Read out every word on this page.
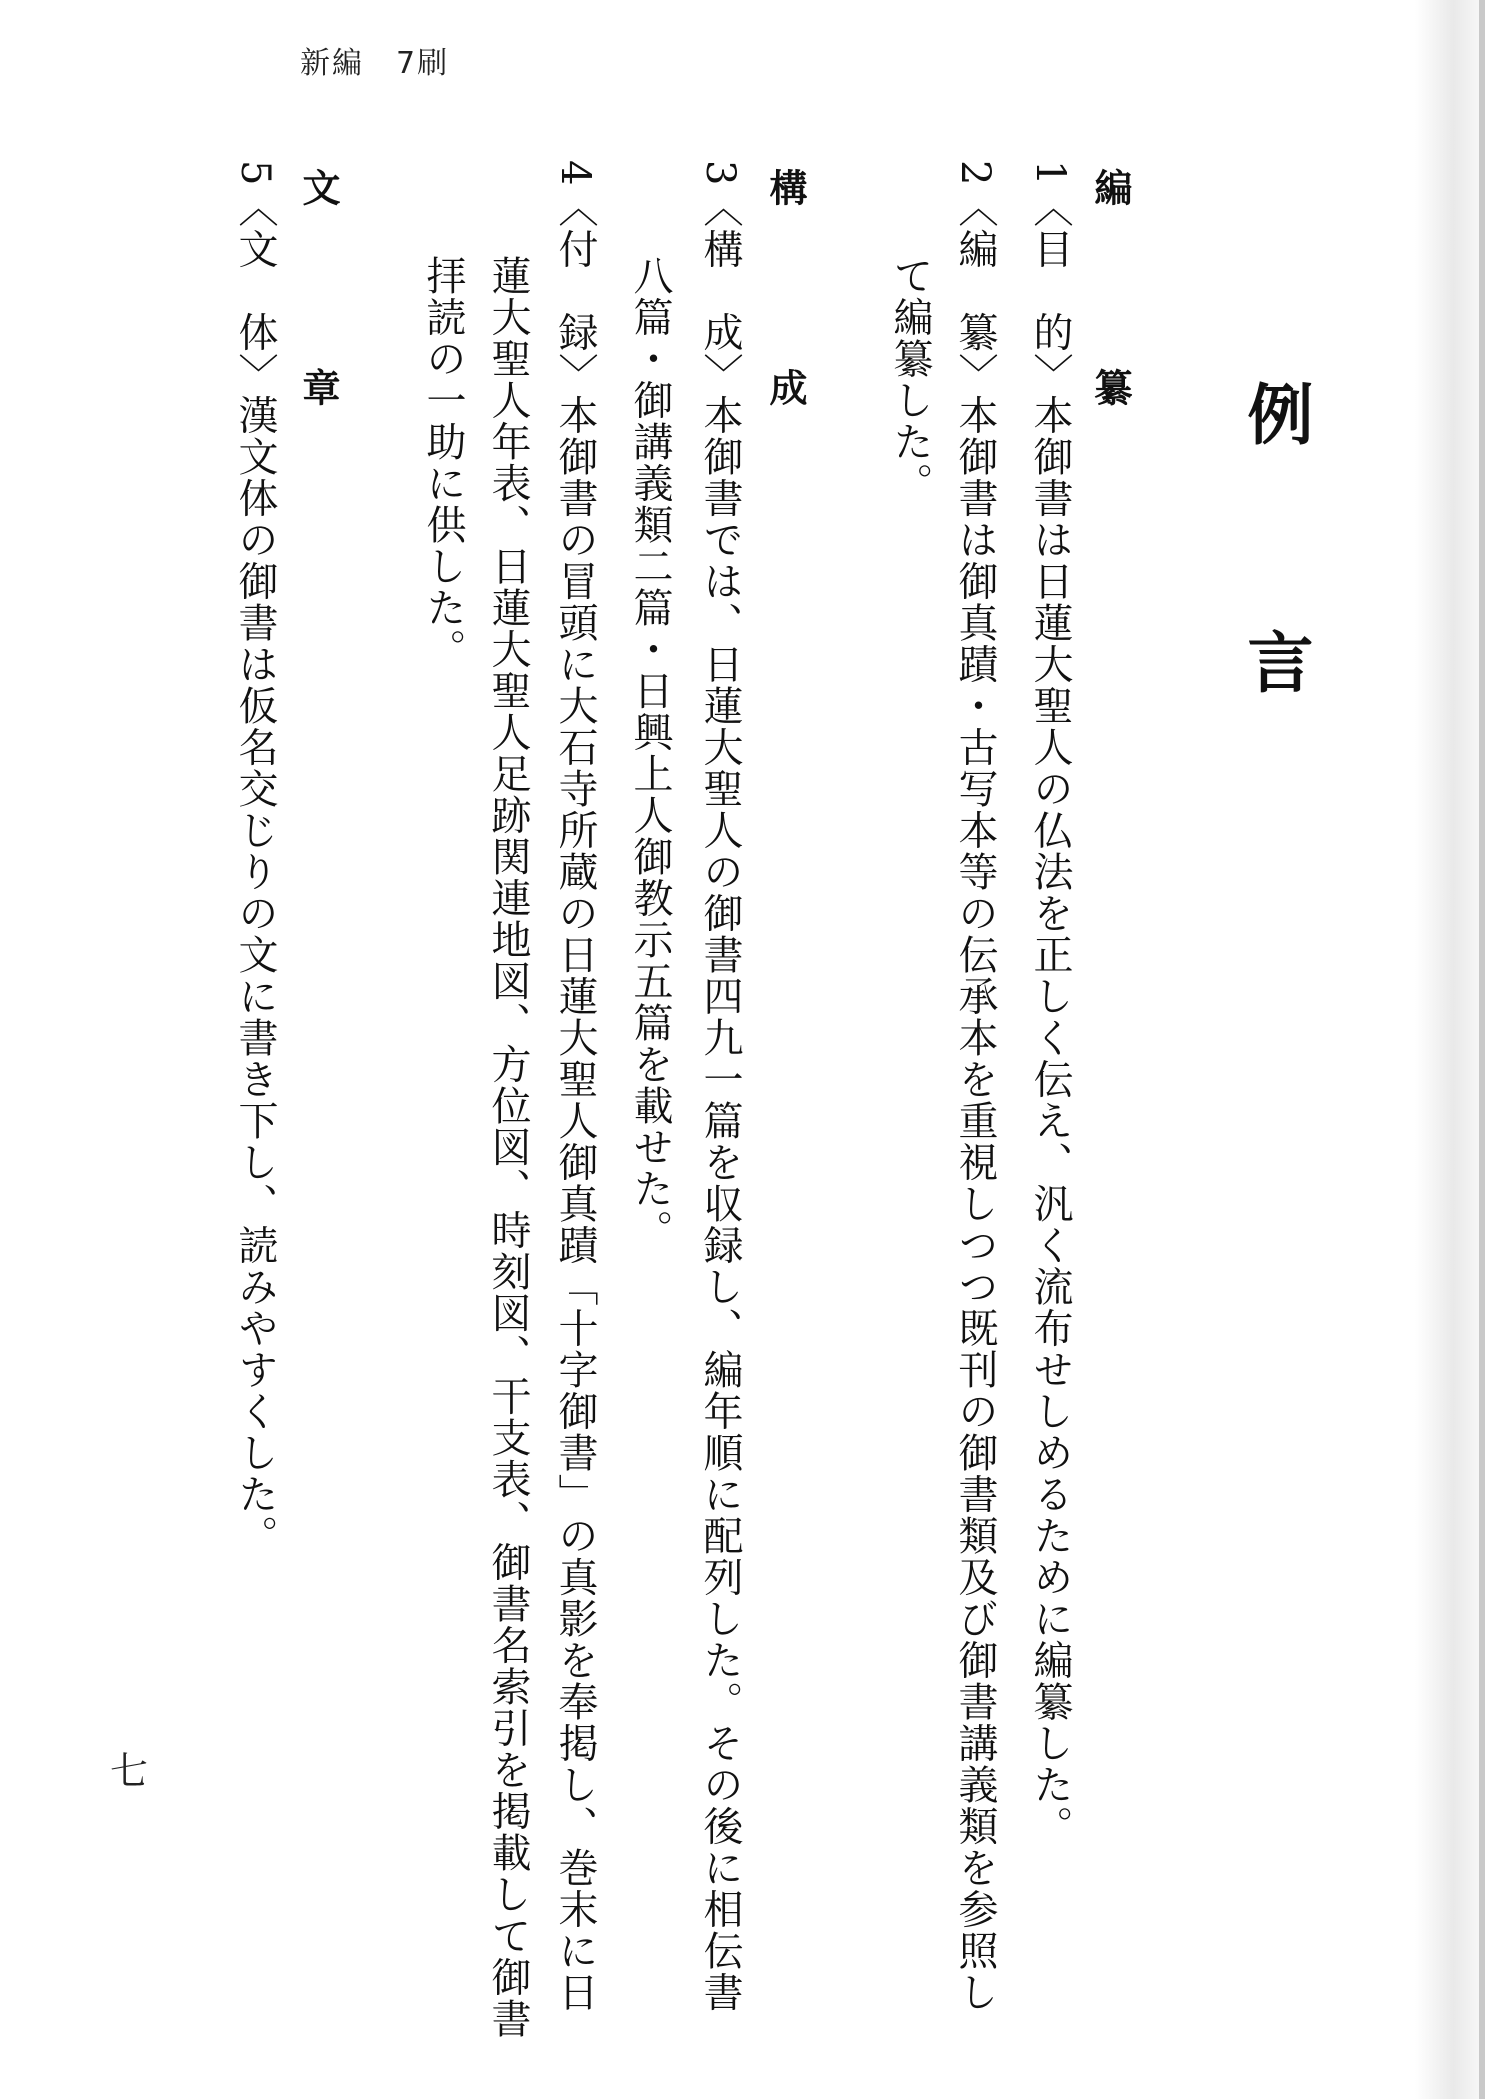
新編　7刷
例　言
編　纂
1〈目　的〉本御書は日蓮大聖人の仏法を正しく伝え、汎く流布せしめるために編纂した。
2〈編　纂〉本御書は御真蹟・古写本等の伝承本を重視しつつ既刊の御書類及び御書講義類を参照し
て編纂した。
構　成
3〈構　成〉本御書では、日蓮大聖人の御書四九一篇を収録し、編年順に配列した。その後に相伝書
八篇・御講義類二篇・日興上人御教示五篇を載せた。
4〈付　録〉本御書の冒頭に大石寺所蔵の日蓮大聖人御真蹟「十字御書」の真影を奉掲し、巻末に日
蓮大聖人年表、日蓮大聖人足跡関連地図、方位図、時刻図、干支表、御書名索引を掲載して御書
拝読の一助に供した。
文　章
5〈文　体〉漢文体の御書は仮名交じりの文に書き下し、読みやすくした。
七
